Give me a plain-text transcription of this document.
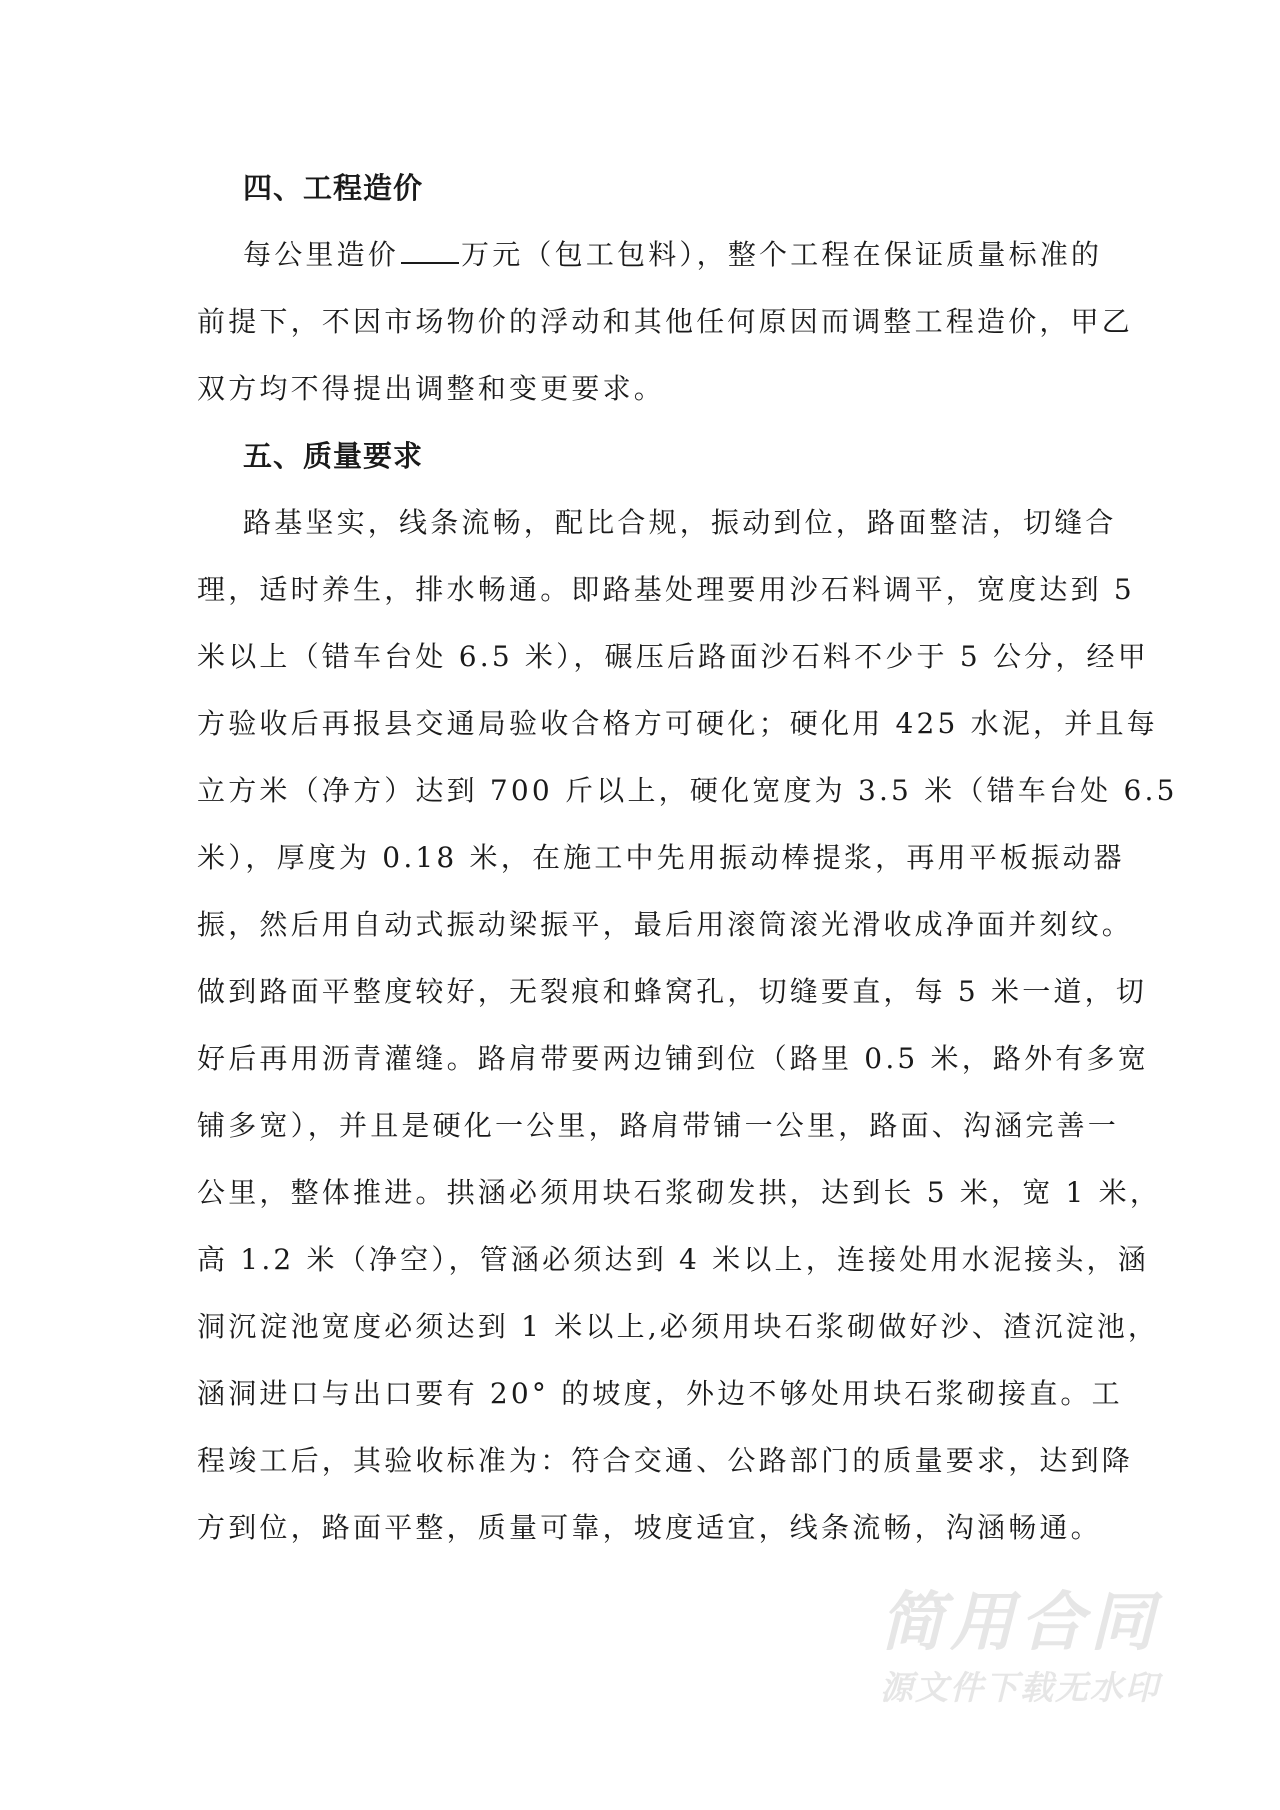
四、工程造价
每公里造价 万元（包工包料），整个工程在保证质量标准的
前提下，不因市场物价的浮动和其他任何原因而调整工程造价，甲乙
双方均不得提出调整和变更要求。
五、质量要求
路基坚实，线条流畅，配比合规，振动到位，路面整洁，切缝合
理，适时养生，排水畅通。即路基处理要用沙石料调平，宽度达到 5
米以上（错车台处 6.5 米），碾压后路面沙石料不少于 5 公分，经甲
方验收后再报县交通局验收合格方可硬化；硬化用 425 水泥，并且每
立方米（净方）达到 700 斤以上，硬化宽度为 3.5 米（错车台处 6.5
米），厚度为 0.18 米，在施工中先用振动棒提浆，再用平板振动器
振，然后用自动式振动梁振平，最后用滚筒滚光滑收成净面并刻纹。
做到路面平整度较好，无裂痕和蜂窝孔，切缝要直，每 5 米一道，切
好后再用沥青灌缝。路肩带要两边铺到位（路里 0.5 米，路外有多宽
铺多宽），并且是硬化一公里，路肩带铺一公里，路面、沟涵完善一
公里，整体推进。拱涵必须用块石浆砌发拱，达到长 5 米，宽 1 米，
高 1.2 米（净空），管涵必须达到 4 米以上，连接处用水泥接头，涵
洞沉淀池宽度必须达到 1 米以上,必须用块石浆砌做好沙、渣沉淀池，
涵洞进口与出口要有 20° 的坡度，外边不够处用块石浆砌接直。工
程竣工后，其验收标准为：符合交通、公路部门的质量要求，达到降
方到位，路面平整，质量可靠，坡度适宜，线条流畅，沟涵畅通。
简用合同
源文件下载无水印
